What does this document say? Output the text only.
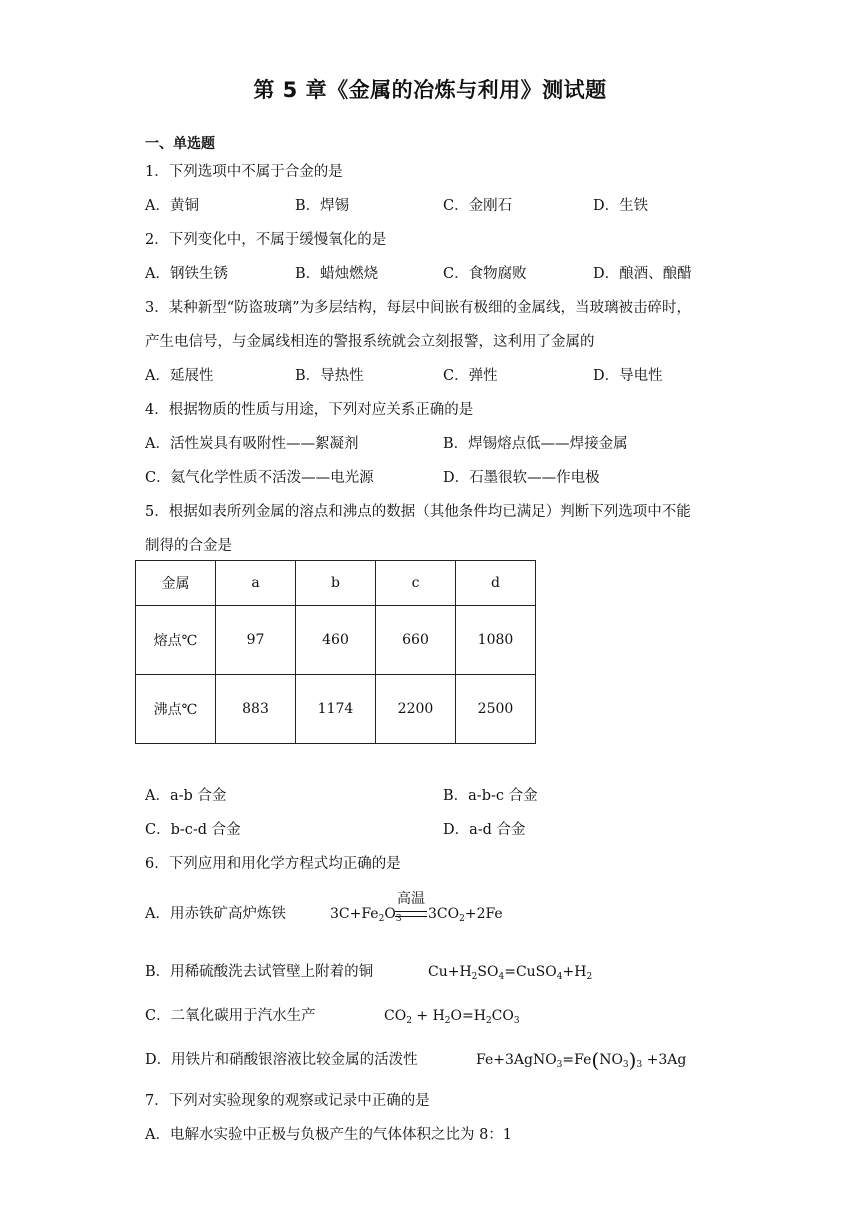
第 5 章《金属的冶炼与利用》测试题
一、单选题
1．下列选项中不属于合金的是
A．黄铜	B．焊锡	C．金刚石	D．生铁
2．下列变化中，不属于缓慢氧化的是
A．钢铁生锈	B．蜡烛燃烧	C．食物腐败	D．酿酒、酿醋
3．某种新型“防盗玻璃”为多层结构，每层中间嵌有极细的金属线，当玻璃被击碎时，
产生电信号，与金属线相连的警报系统就会立刻报警，这利用了金属的
A．延展性	B．导热性	C．弹性	D．导电性
4．根据物质的性质与用途，下列对应关系正确的是
A．活性炭具有吸附性——絮凝剂	B．焊锡熔点低——焊接金属
C．氦气化学性质不活泼——电光源	D．石墨很软——作电极
5．根据如表所列金属的溶点和沸点的数据（其他条件均已满足）判断下列选项中不能
制得的合金是
金属	a	b	c	d
熔点℃	97	460	660	1080
沸点℃	883	1174	2200	2500
A．a-b 合金	B．a-b-c 合金
C．b-c-d 合金	D．a-d 合金
6．下列应用和用化学方程式均正确的是
A．用赤铁矿高炉炼铁	$3C+Fe_2O_3$
高温
$3CO_2+2Fe$
B．用稀硫酸洗去试管壁上附着的铜	$Cu+H_2SO_4=CuSO_4+H_2$
C．二氧化碳用于汽水生产	$CO_2 + H_2O=H_2CO_3$
D．用铁片和硝酸银溶液比较金属的活泼性	$Fe+3AgNO_3=Fe(NO_3)_3 +3Ag$
7．下列对实验现象的观察或记录中正确的是
A．电解水实验中正极与负极产生的气体体积之比为 8：1
